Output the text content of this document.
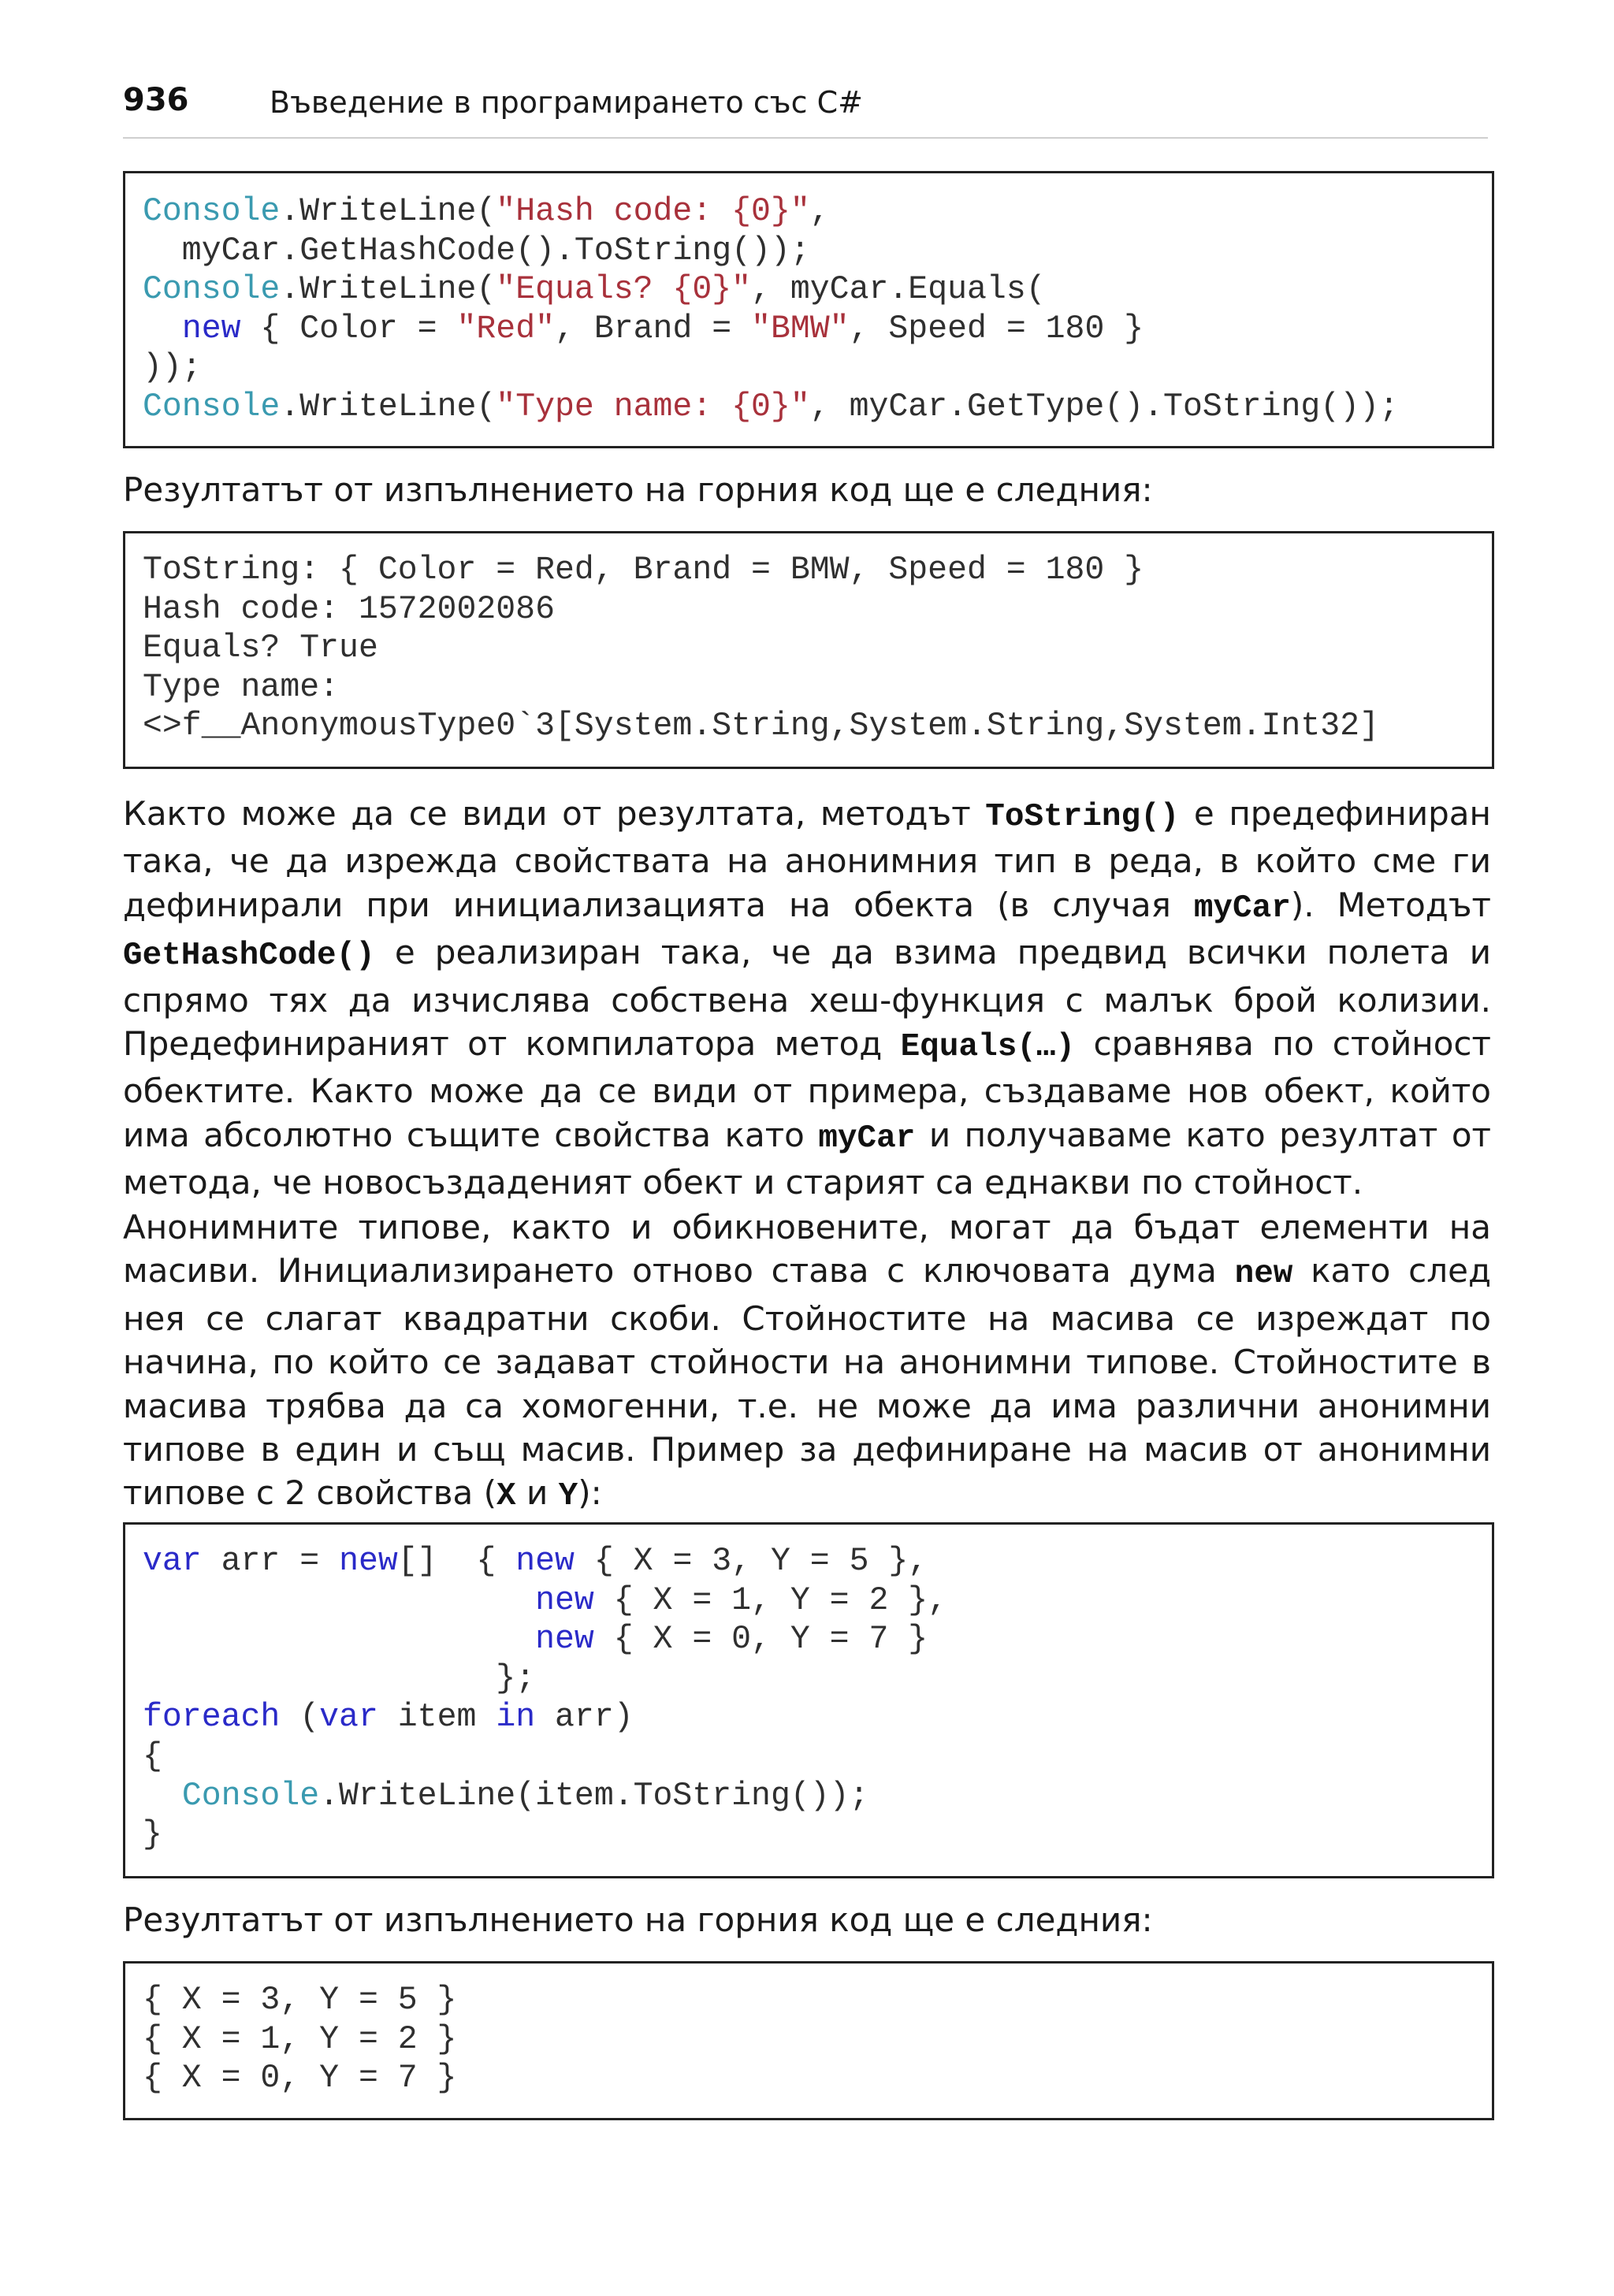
936	Въведение в програмирането със C#
Console.WriteLine("Hash code: {0}",
myCar.GetHashCode().ToString());
Console.WriteLine("Equals? {0}", myCar.Equals(
new { Color = "Red", Brand = "BMW", Speed = 180 }
));
Console.WriteLine("Type name: {0}", myCar.GetType().ToString());

Резултатът от изпълнението на горния код ще е следния:

ToString: { Color = Red, Brand = BMW, Speed = 180 }
Hash code: 1572002086
Equals? True
Type name:
<>f__AnonymousType0`3[System.String,System.String,System.Int32]

Както може да се види от резултата, методът ToString() е предефиниран така, че да изрежда свойствата на анонимния тип в реда, в който сме ги дефинирали при инициализацията на обекта (в случая myCar). Методът GetHashCode() е реализиран така, че да взима предвид всички полета и спрямо тях да изчислява собствена хеш-функция с малък брой колизии. Предефинираният от компилатора метод Equals(…) сравнява по стойност обектите. Както може да се види от примера, създаваме нов обект, който има абсолютно същите свойства като myCar и получаваме като резултат от метода, че новосъздаденият обект и старият са еднакви по стойност.

Анонимните типове, както и обикновените, могат да бъдат елементи на масиви. Инициализирането отново става с ключовата дума new като след нея се слагат квадратни скоби. Стойностите на масива се изреждат по начина, по който се задават стойности на анонимни типове. Стойностите в масива трябва да са хомогенни, т.е. не може да има различни анонимни типове в един и същ масив. Пример за дефиниране на масив от анонимни типове с 2 свойства (X и Y):

var arr = new[]  { new { X = 3, Y = 5 },
new { X = 1, Y = 2 },
new { X = 0, Y = 7 }
};
foreach (var item in arr)
{
Console.WriteLine(item.ToString());
}

Резултатът от изпълнението на горния код ще е следния:

{ X = 3, Y = 5 }
{ X = 1, Y = 2 }
{ X = 0, Y = 7 }
